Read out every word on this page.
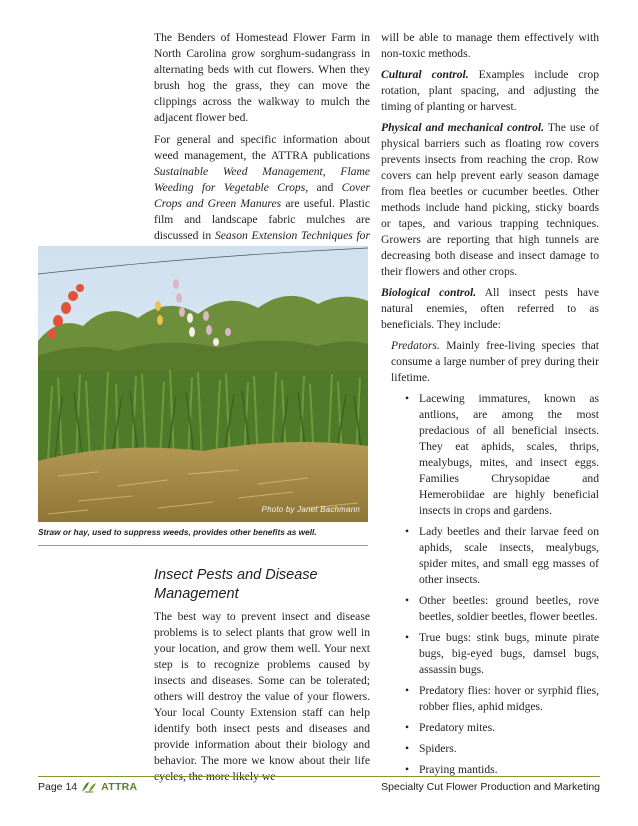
The Benders of Homestead Flower Farm in North Carolina grow sorghum-sudangrass in alternating beds with cut flowers. When they brush hog the grass, they can move the clippings across the walkway to mulch the adjacent flower bed.

For general and specific information about weed management, the ATTRA publications Sustainable Weed Management, Flame Weeding for Vegetable Crops, and Cover Crops and Green Manures are useful. Plastic film and landscape fabric mulches are discussed in Season Extension Techniques for

Photo by Janet Bachmann
Straw or hay, used to suppress weeds, provides other benefits as well.
Insect Pests and Disease Management

The best way to prevent insect and disease problems is to select plants that grow well in your location, and grow them well. Your next step is to recognize problems caused by insects and diseases. Some can be tolerated; others will destroy the value of your flowers. Your local County Extension staff can help identify both insect pests and diseases and provide information about their biology and behavior. The more we know about their life cycles, the more likely we

will be able to manage them effectively with non-toxic methods.

Cultural control. Examples include crop rotation, plant spacing, and adjusting the timing of planting or harvest.

Physical and mechanical control. The use of physical barriers such as floating row covers prevents insects from reaching the crop. Row covers can help prevent early season damage from flea beetles or cucumber beetles. Other methods include hand picking, sticky boards or tapes, and various trapping techniques. Growers are reporting that high tunnels are decreasing both disease and insect damage to their flowers and other crops.

Biological control. All insect pests have natural enemies, often referred to as beneficials. They include:

Predators. Mainly free-living species that consume a large number of prey during their lifetime.

• Lacewing immatures, known as antlions, are among the most predacious of all beneficial insects. They eat aphids, scales, thrips, mealybugs, mites, and insect eggs. Families Chrysopidae and Hemerobiidae are highly beneficial insects in crops and gardens.
• Lady beetles and their larvae feed on aphids, scale insects, mealybugs, spider mites, and small egg masses of other insects.
• Other beetles: ground beetles, rove beetles, soldier beetles, flower beetles.
• True bugs: stink bugs, minute pirate bugs, big-eyed bugs, damsel bugs, assassin bugs.
• Predatory flies: hover or syrphid flies, robber flies, aphid midges.
• Predatory mites.
• Spiders.
• Praying mantids.
Page 14 ATTRA	Specialty Cut Flower Production and Marketing
